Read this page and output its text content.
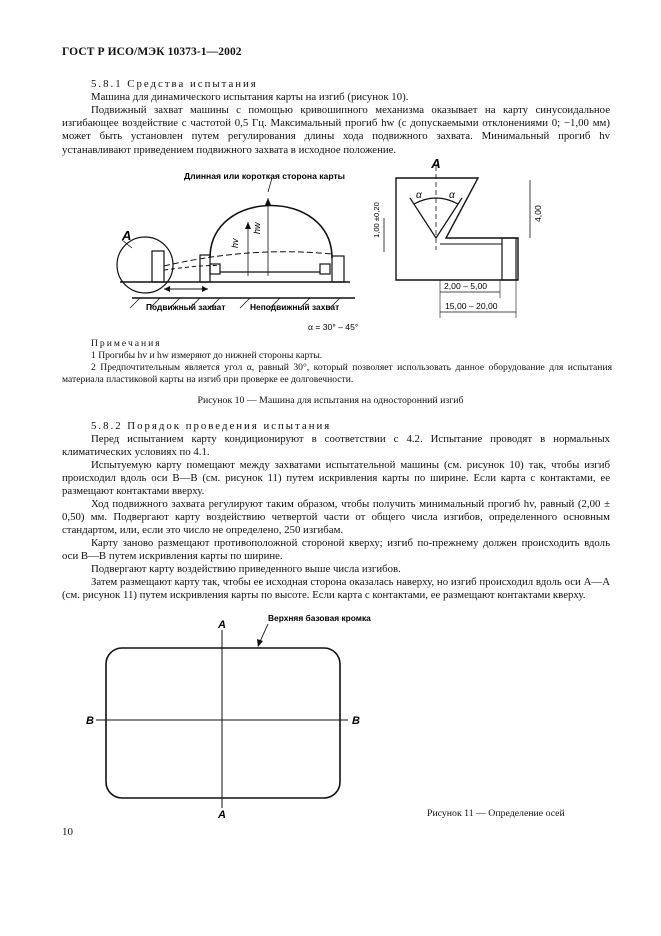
ГОСТ Р ИСО/МЭК 10373-1—2002
5.8.1 Средства испытания
Машина для динамического испытания карты на изгиб (рисунок 10).
Подвижный захват машины с помощью кривошипного механизма оказывает на карту синусоидальное изгибающее воздействие с частотой 0,5 Гц. Максимальный прогиб hw (с допускаемыми отклонениями 0; −1,00 мм) может быть установлен путем регулирования длины хода подвижного захвата. Минимальный прогиб hv устанавливают приведением подвижного захвата в исходное положение.
Длинная или короткая сторона карты
A
hv
hw
Подвижный захват	Неподвижный захват
A
α	α
1,00 ±0,20	4,00
2,00 – 5,00
15,00 – 20,00
α = 30° – 45°
Примечания
1 Прогибы hv и hw измеряют до нижней стороны карты.
2 Предпочтительным является угол α, равный 30°, который позволяет использовать данное оборудование для испытания материала пластиковой карты на изгиб при проверке ее долговечности.
Рисунок 10 — Машина для испытания на односторонний изгиб
5.8.2 Порядок проведения испытания
Перед испытанием карту кондиционируют в соответствии с 4.2. Испытание проводят в нормальных климатических условиях по 4.1.
Испытуемую карту помещают между захватами испытательной машины (см. рисунок 10) так, чтобы изгиб происходил вдоль оси B—B (см. рисунок 11) путем искривления карты по ширине. Если карта с контактами, ее размещают контактами вверху.
Ход подвижного захвата регулируют таким образом, чтобы получить минимальный прогиб hv, равный (2,00 ± 0,50) мм. Подвергают карту воздействию четвертой части от общего числа изгибов, определенного основным стандартом, или, если это число не определено, 250 изгибам.
Карту заново размещают противоположной стороной кверху; изгиб по-прежнему должен происходить вдоль оси B—B путем искривления карты по ширине.
Подвергают карту воздействию приведенного выше числа изгибов.
Затем размещают карту так, чтобы ее исходная сторона оказалась наверху, но изгиб происходил вдоль оси A—A (см. рисунок 11) путем искривления карты по высоте. Если карта с контактами, ее размещают контактами кверху.
A
A
B	B
Верхняя базовая кромка
Рисунок 11 — Определение осей
10
